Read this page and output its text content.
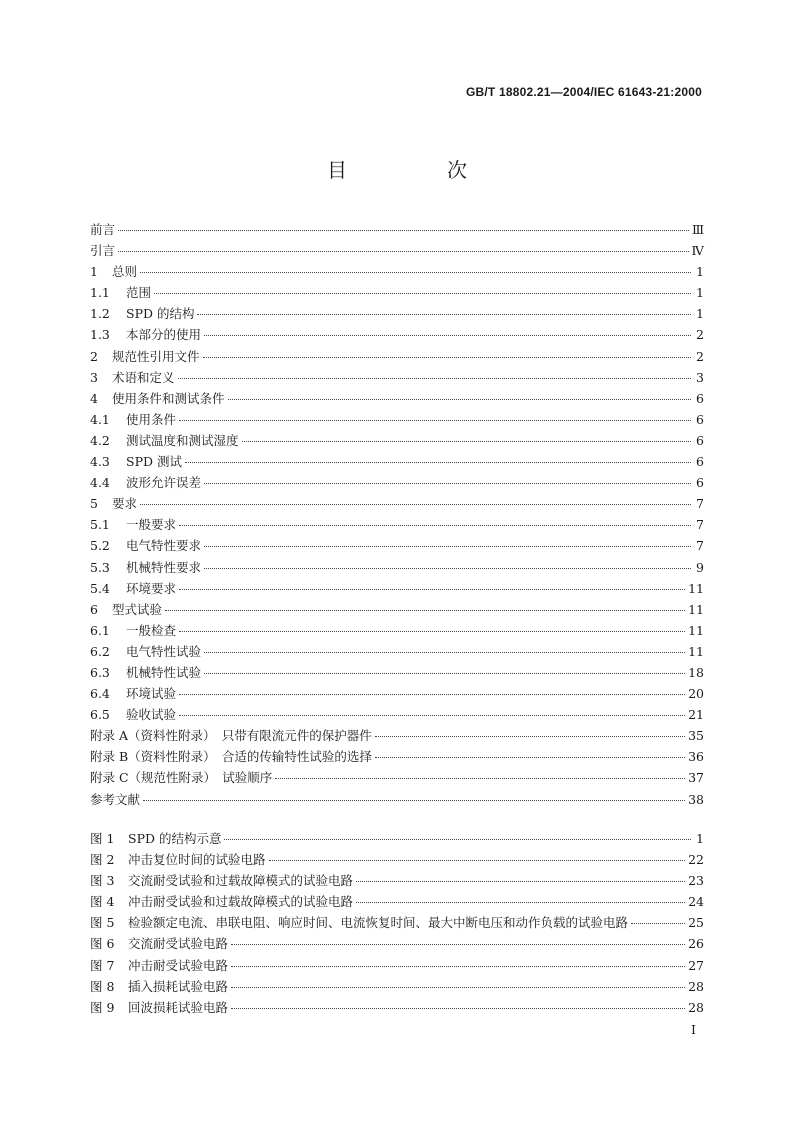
GB/T 18802.21—2004/IEC 61643-21:2000
目　次
前言	Ⅲ
引言	Ⅳ
1 总则	1
1.1 范围	1
1.2 SPD 的结构	1
1.3 本部分的使用	2
2 规范性引用文件	2
3 术语和定义	3
4 使用条件和测试条件	6
4.1 使用条件	6
4.2 测试温度和测试湿度	6
4.3 SPD 测试	6
4.4 波形允许误差	6
5 要求	7
5.1 一般要求	7
5.2 电气特性要求	7
5.3 机械特性要求	9
5.4 环境要求	11
6 型式试验	11
6.1 一般检查	11
6.2 电气特性试验	11
6.3 机械特性试验	18
6.4 环境试验	20
6.5 验收试验	21
附录 A（资料性附录）　只带有限流元件的保护器件	35
附录 B（资料性附录）　合适的传输特性试验的选择	36
附录 C（规范性附录）　试验顺序	37
参考文献	38
图 1 SPD 的结构示意	1
图 2 冲击复位时间的试验电路	22
图 3 交流耐受试验和过载故障模式的试验电路	23
图 4 冲击耐受试验和过载故障模式的试验电路	24
图 5 检验额定电流、串联电阻、响应时间、电流恢复时间、最大中断电压和动作负载的试验电路	25
图 6 交流耐受试验电路	26
图 7 冲击耐受试验电路	27
图 8 插入损耗试验电路	28
图 9 回波损耗试验电路	28
I
